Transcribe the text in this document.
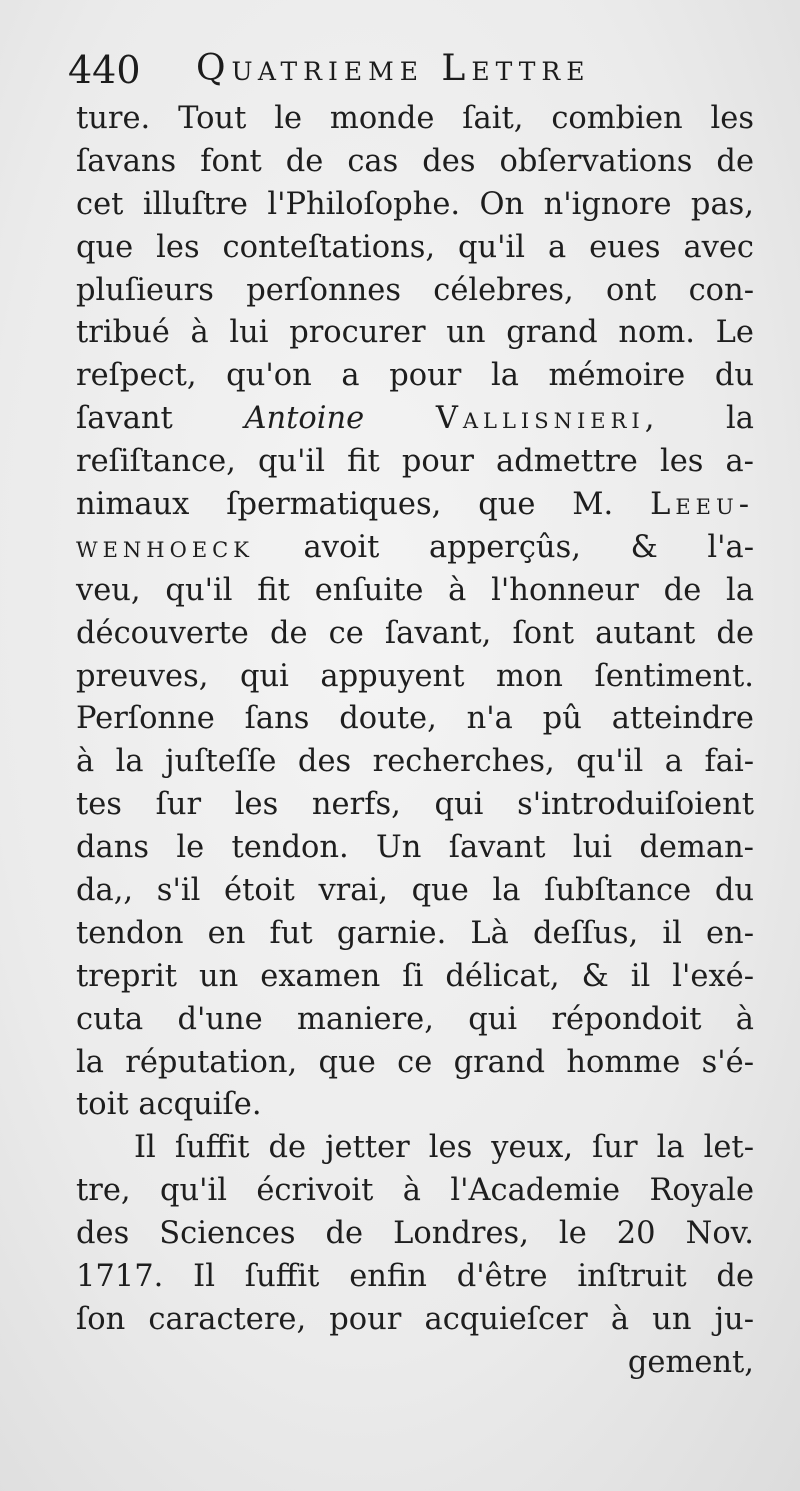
440 Quatrieme Lettre
ture. Tout le monde ſait, combien les
ſavans font de cas des obſervations de
cet illuſtre l'Philoſophe. On n'ignore pas,
que les conteſtations, qu'il a eues avec
pluſieurs perſonnes célebres, ont con-
tribué à lui procurer un grand nom. Le
reſpect, qu'on a pour la mémoire du
ſavant Antoine Vallisnieri, la
reſiſtance, qu'il fit pour admettre les a-
nimaux ſpermatiques, que M. Leeu-
wenhoeck avoit apperçûs, & l'a-
veu, qu'il fit enſuite à l'honneur de la
découverte de ce ſavant, ſont autant de
preuves, qui appuyent mon ſentiment.
Perſonne ſans doute, n'a pû atteindre
à la juſteſſe des recherches, qu'il a fai-
tes ſur les nerfs, qui s'introduiſoient
dans le tendon. Un ſavant lui deman-
da,, s'il étoit vrai, que la ſubſtance du
tendon en fut garnie. Là deſſus, il en-
treprit un examen ſi délicat, & il l'exé-
cuta d'une maniere, qui répondoit à
la réputation, que ce grand homme s'é-
toit acquiſe.
Il ſuffit de jetter les yeux, ſur la let-
tre, qu'il écrivoit à l'Academie Royale
des Sciences de Londres, le 20 Nov.
1717. Il ſuffit enfin d'être inſtruit de
ſon caractere, pour acquieſcer à un ju-
gement,
